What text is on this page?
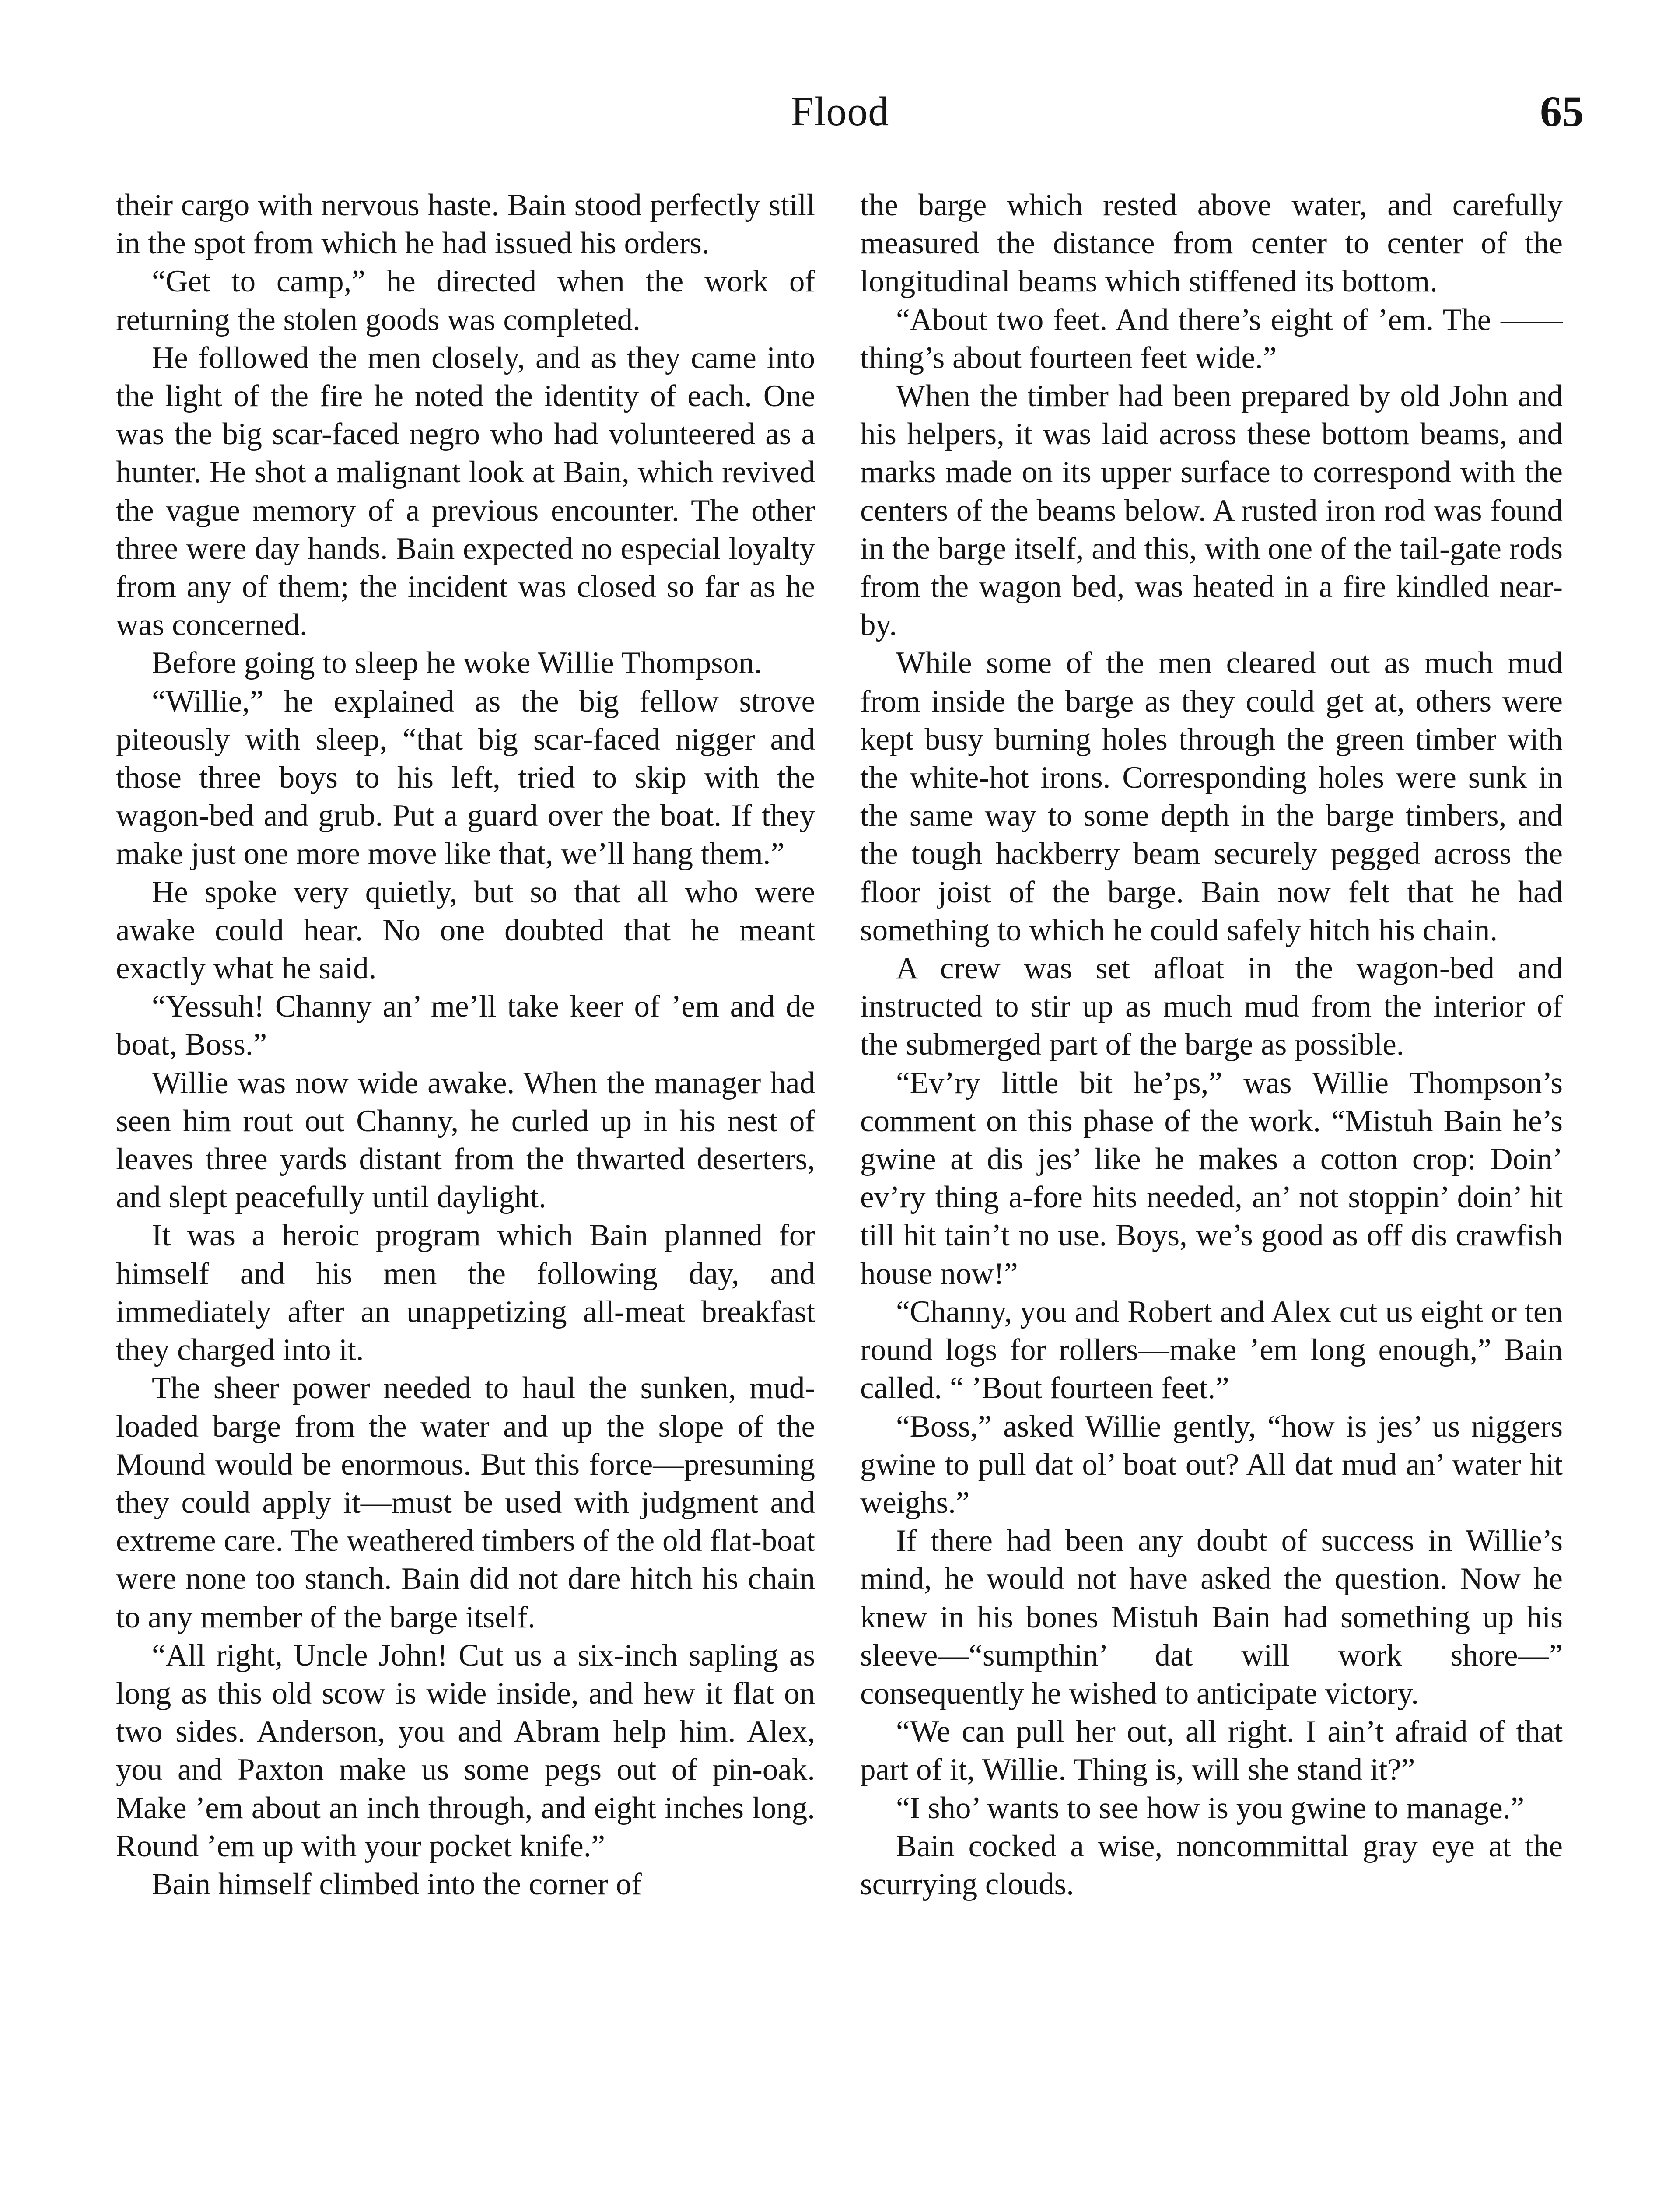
Flood	65

their cargo with nervous haste. Bain stood perfectly still in the spot from which he had issued his orders.

“Get to camp,” he directed when the work of returning the stolen goods was completed.

He followed the men closely, and as they came into the light of the fire he noted the identity of each. One was the big scar-faced negro who had volunteered as a hunter. He shot a malignant look at Bain, which revived the vague memory of a previous encounter. The other three were day hands. Bain expected no especial loyalty from any of them; the incident was closed so far as he was concerned.

Before going to sleep he woke Willie Thompson.

“Willie,” he explained as the big fellow strove piteously with sleep, “that big scar-faced nigger and those three boys to his left, tried to skip with the wagon-bed and grub. Put a guard over the boat. If they make just one more move like that, we’ll hang them.”

He spoke very quietly, but so that all who were awake could hear. No one doubted that he meant exactly what he said.

“Yessuh! Channy an’ me’ll take keer of ’em and de boat, Boss.”

Willie was now wide awake. When the manager had seen him rout out Channy, he curled up in his nest of leaves three yards distant from the thwarted deserters, and slept peacefully until daylight.

It was a heroic program which Bain planned for himself and his men the following day, and immediately after an unappetizing all-meat breakfast they charged into it.

The sheer power needed to haul the sunken, mud-loaded barge from the water and up the slope of the Mound would be enormous. But this force—presuming they could apply it—must be used with judgment and extreme care. The weathered timbers of the old flat-boat were none too stanch. Bain did not dare hitch his chain to any member of the barge itself.

“All right, Uncle John! Cut us a six-inch sapling as long as this old scow is wide inside, and hew it flat on two sides. Anderson, you and Abram help him. Alex, you and Paxton make us some pegs out of pin-oak. Make ’em about an inch through, and eight inches long. Round ’em up with your pocket knife.”

Bain himself climbed into the corner of

the barge which rested above water, and carefully measured the distance from center to center of the longitudinal beams which stiffened its bottom.

“About two feet. And there’s eight of ’em. The —— thing’s about fourteen feet wide.”

When the timber had been prepared by old John and his helpers, it was laid across these bottom beams, and marks made on its upper surface to correspond with the centers of the beams below. A rusted iron rod was found in the barge itself, and this, with one of the tail-gate rods from the wagon bed, was heated in a fire kindled near-by.

While some of the men cleared out as much mud from inside the barge as they could get at, others were kept busy burning holes through the green timber with the white-hot irons. Corresponding holes were sunk in the same way to some depth in the barge timbers, and the tough hackberry beam securely pegged across the floor joist of the barge. Bain now felt that he had something to which he could safely hitch his chain.

A crew was set afloat in the wagon-bed and instructed to stir up as much mud from the interior of the submerged part of the barge as possible.

“Ev’ry little bit he’ps,” was Willie Thompson’s comment on this phase of the work. “Mistuh Bain he’s gwine at dis jes’ like he makes a cotton crop: Doin’ ev’ry thing a-fore hits needed, an’ not stoppin’ doin’ hit till hit tain’t no use. Boys, we’s good as off dis crawfish house now!”

“Channy, you and Robert and Alex cut us eight or ten round logs for rollers—make ’em long enough,” Bain called. “ ’Bout fourteen feet.”

“Boss,” asked Willie gently, “how is jes’ us niggers gwine to pull dat ol’ boat out? All dat mud an’ water hit weighs.”

If there had been any doubt of success in Willie’s mind, he would not have asked the question. Now he knew in his bones Mistuh Bain had something up his sleeve—“sumpthin’ dat will work shore—” consequently he wished to anticipate victory.

“We can pull her out, all right. I ain’t afraid of that part of it, Willie. Thing is, will she stand it?”

“I sho’ wants to see how is you gwine to manage.”

Bain cocked a wise, noncommittal gray eye at the scurrying clouds.
